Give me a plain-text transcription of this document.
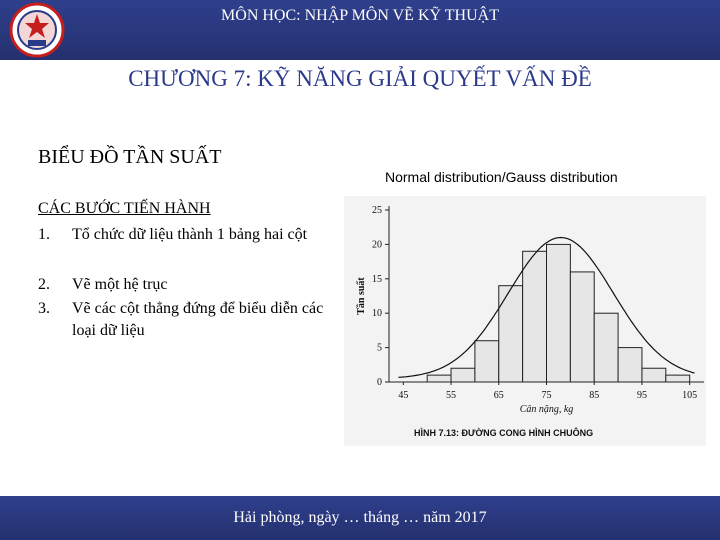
MÔN HỌC: NHẬP MÔN VẼ KỸ THUẬT
CHƯƠNG 7: KỸ NĂNG GIẢI QUYẾT VẤN ĐỀ
BIỂU ĐỒ TẦN SUẤT
Normal distribution/Gauss distribution
CÁC BƯỚC TIẾN HÀNH
1. Tổ chức dữ liệu thành 1 bảng hai cột
2. Vẽ một hệ trục
3. Vẽ các cột thẳng đứng để biểu diễn các loại dữ liệu
0
5
10
15
20
25
45	55	65	75	85	95	105
Cân nặng, kg
Tần suất
HÌNH 7.13: ĐƯỜNG CONG HÌNH CHUÔNG
Hải phòng, ngày … tháng … năm 2017
